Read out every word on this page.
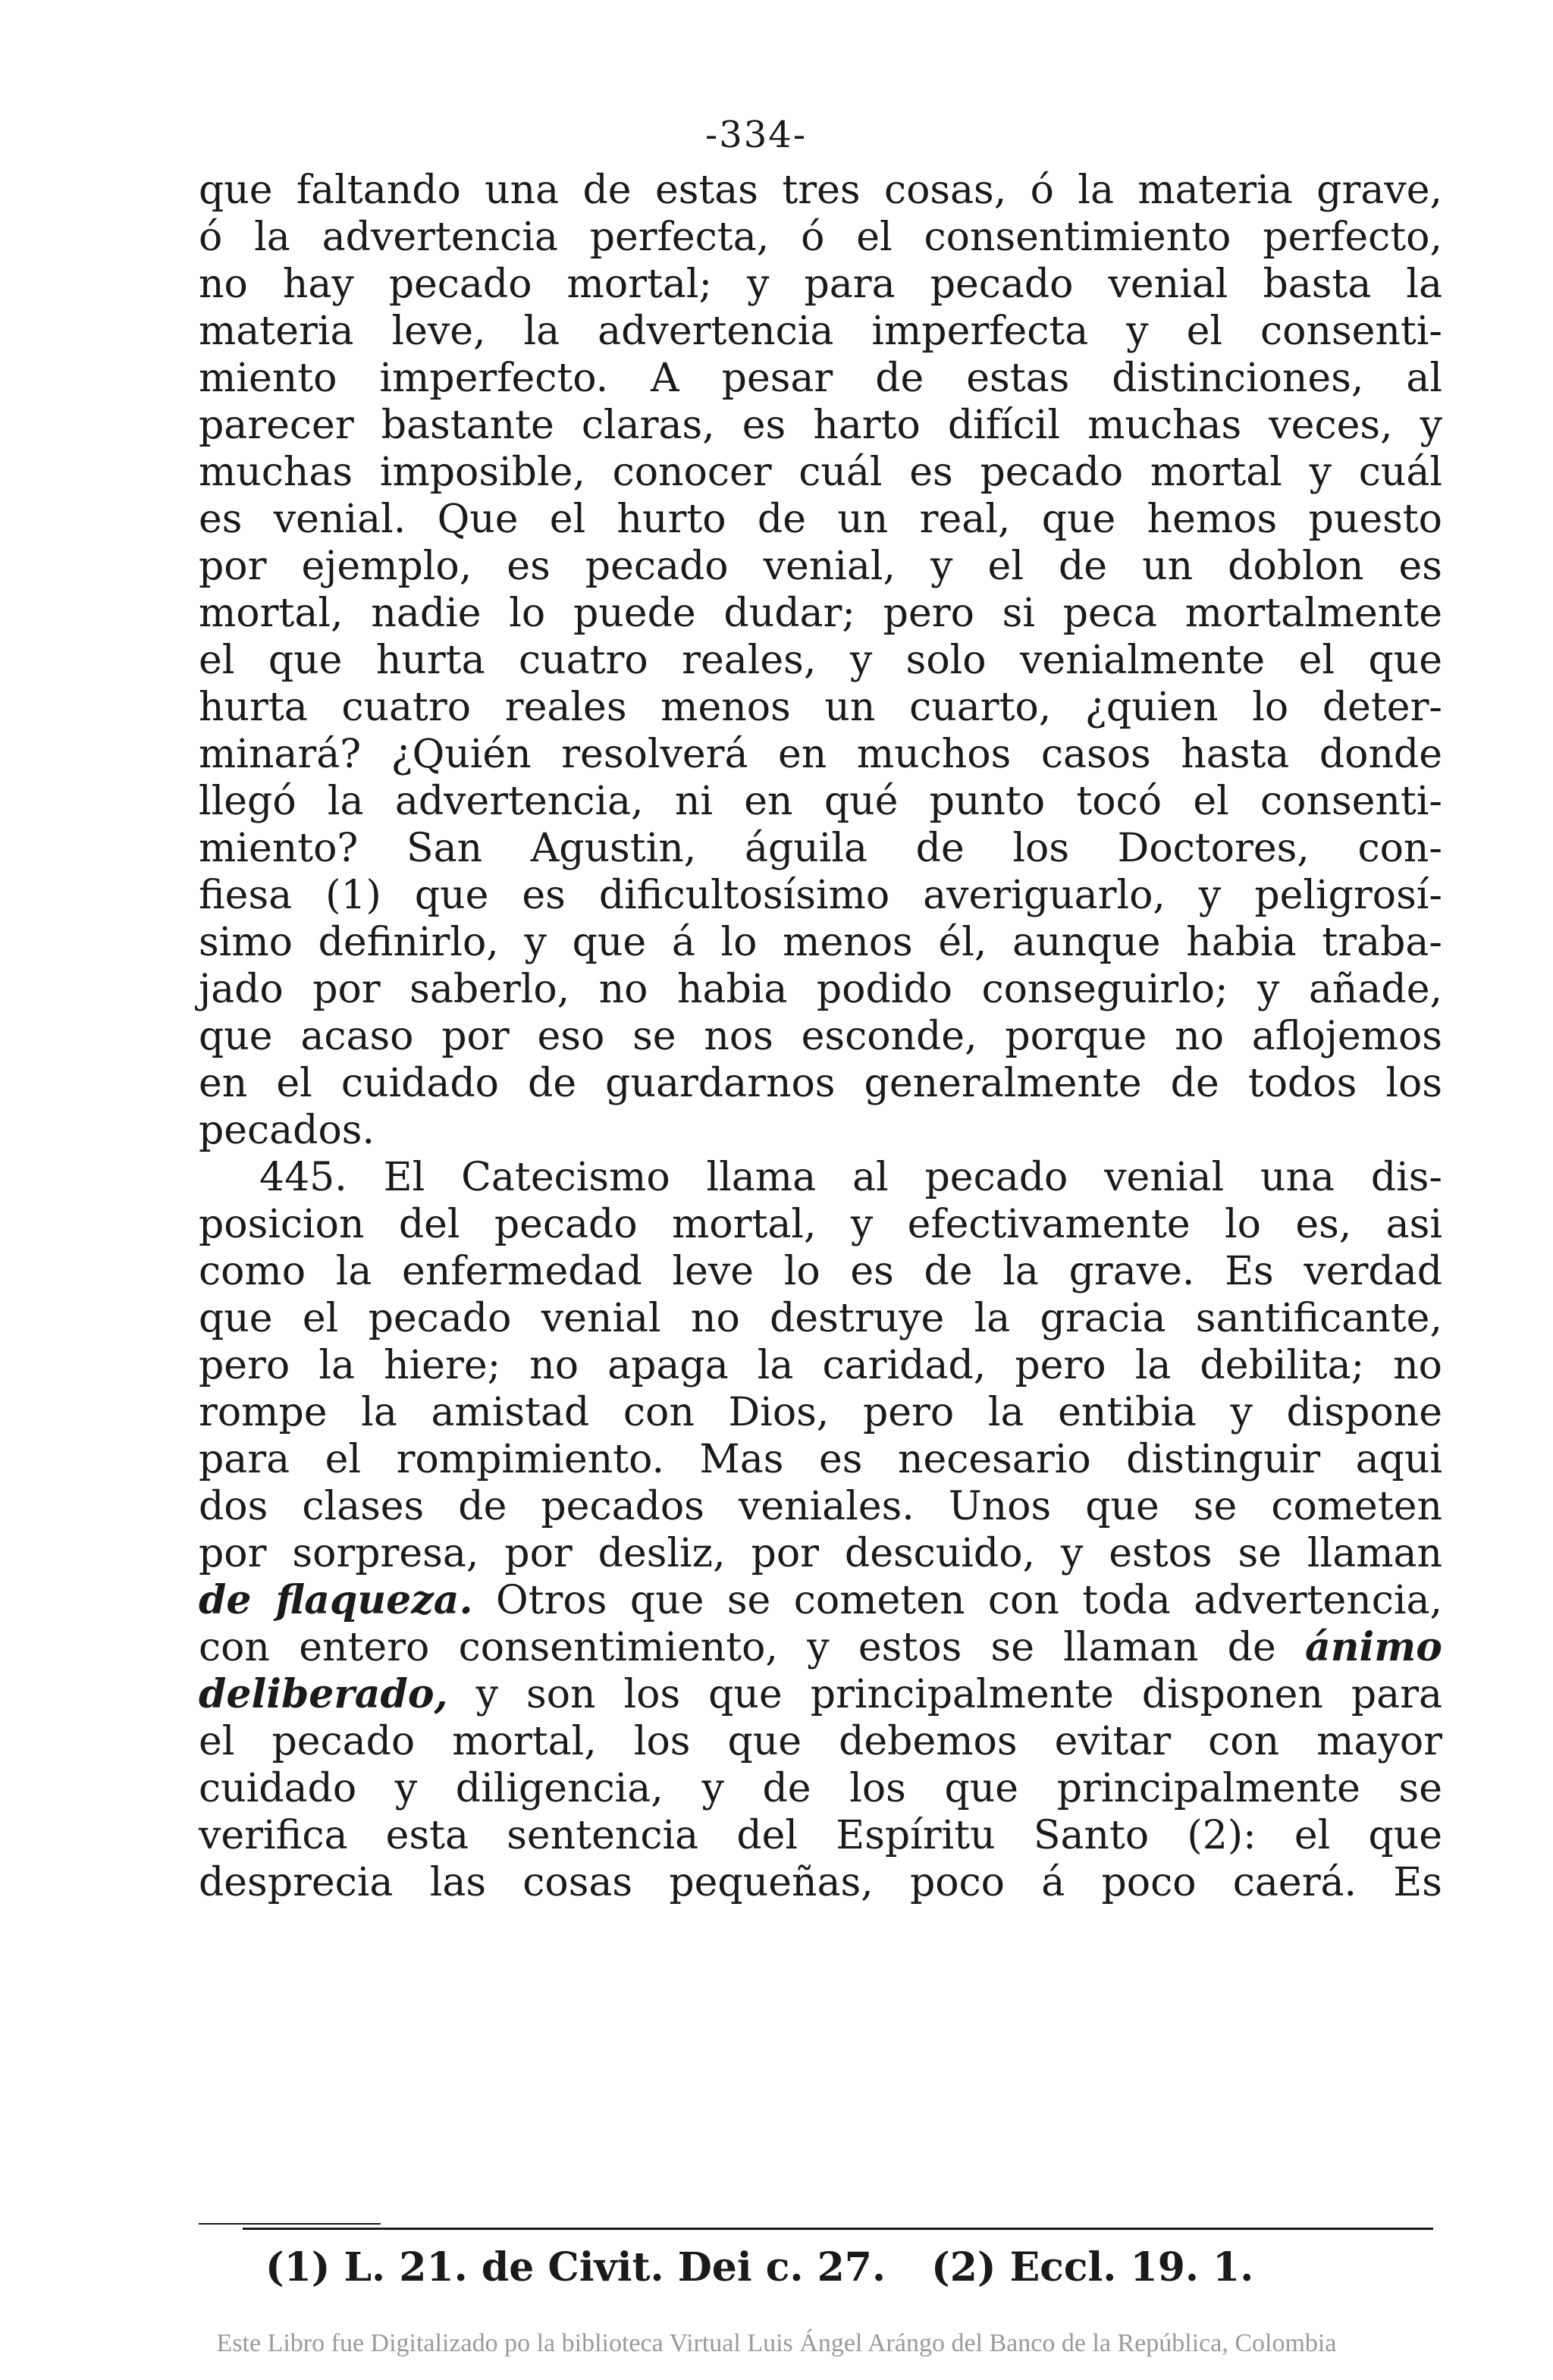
-334-
que faltando una de estas tres cosas, ó la materia grave,
ó la advertencia perfecta, ó el consentimiento perfecto,
no hay pecado mortal; y para pecado venial basta la
materia leve, la advertencia imperfecta y el consenti-
miento imperfecto. A pesar de estas distinciones, al
parecer bastante claras, es harto difícil muchas veces, y
muchas imposible, conocer cuál es pecado mortal y cuál
es venial. Que el hurto de un real, que hemos puesto
por ejemplo, es pecado venial, y el de un doblon es
mortal, nadie lo puede dudar; pero si peca mortalmente
el que hurta cuatro reales, y solo venialmente el que
hurta cuatro reales menos un cuarto, ¿quien lo deter-
minará? ¿Quién resolverá en muchos casos hasta donde
llegó la advertencia, ni en qué punto tocó el consenti-
miento? San Agustin, águila de los Doctores, con-
fiesa (1) que es dificultosísimo averiguarlo, y peligrosí-
simo definirlo, y que á lo menos él, aunque habia traba-
jado por saberlo, no habia podido conseguirlo; y añade,
que acaso por eso se nos esconde, porque no aflojemos
en el cuidado de guardarnos generalmente de todos los
pecados.
445. El Catecismo llama al pecado venial una dis-
posicion del pecado mortal, y efectivamente lo es, asi
como la enfermedad leve lo es de la grave. Es verdad
que el pecado venial no destruye la gracia santificante,
pero la hiere; no apaga la caridad, pero la debilita; no
rompe la amistad con Dios, pero la entibia y dispone
para el rompimiento. Mas es necesario distinguir aqui
dos clases de pecados veniales. Unos que se cometen
por sorpresa, por desliz, por descuido, y estos se llaman
de flaqueza. Otros que se cometen con toda advertencia,
con entero consentimiento, y estos se llaman de ánimo
deliberado, y son los que principalmente disponen para
el pecado mortal, los que debemos evitar con mayor
cuidado y diligencia, y de los que principalmente se
verifica esta sentencia del Espíritu Santo (2): el que
desprecia las cosas pequeñas, poco á poco caerá. Es
(1) L. 21. de Civit. Dei c. 27. (2) Eccl. 19. 1.
Este Libro fue Digitalizado po la biblioteca Virtual Luis Ángel Arángo del Banco de la República, Colombia
